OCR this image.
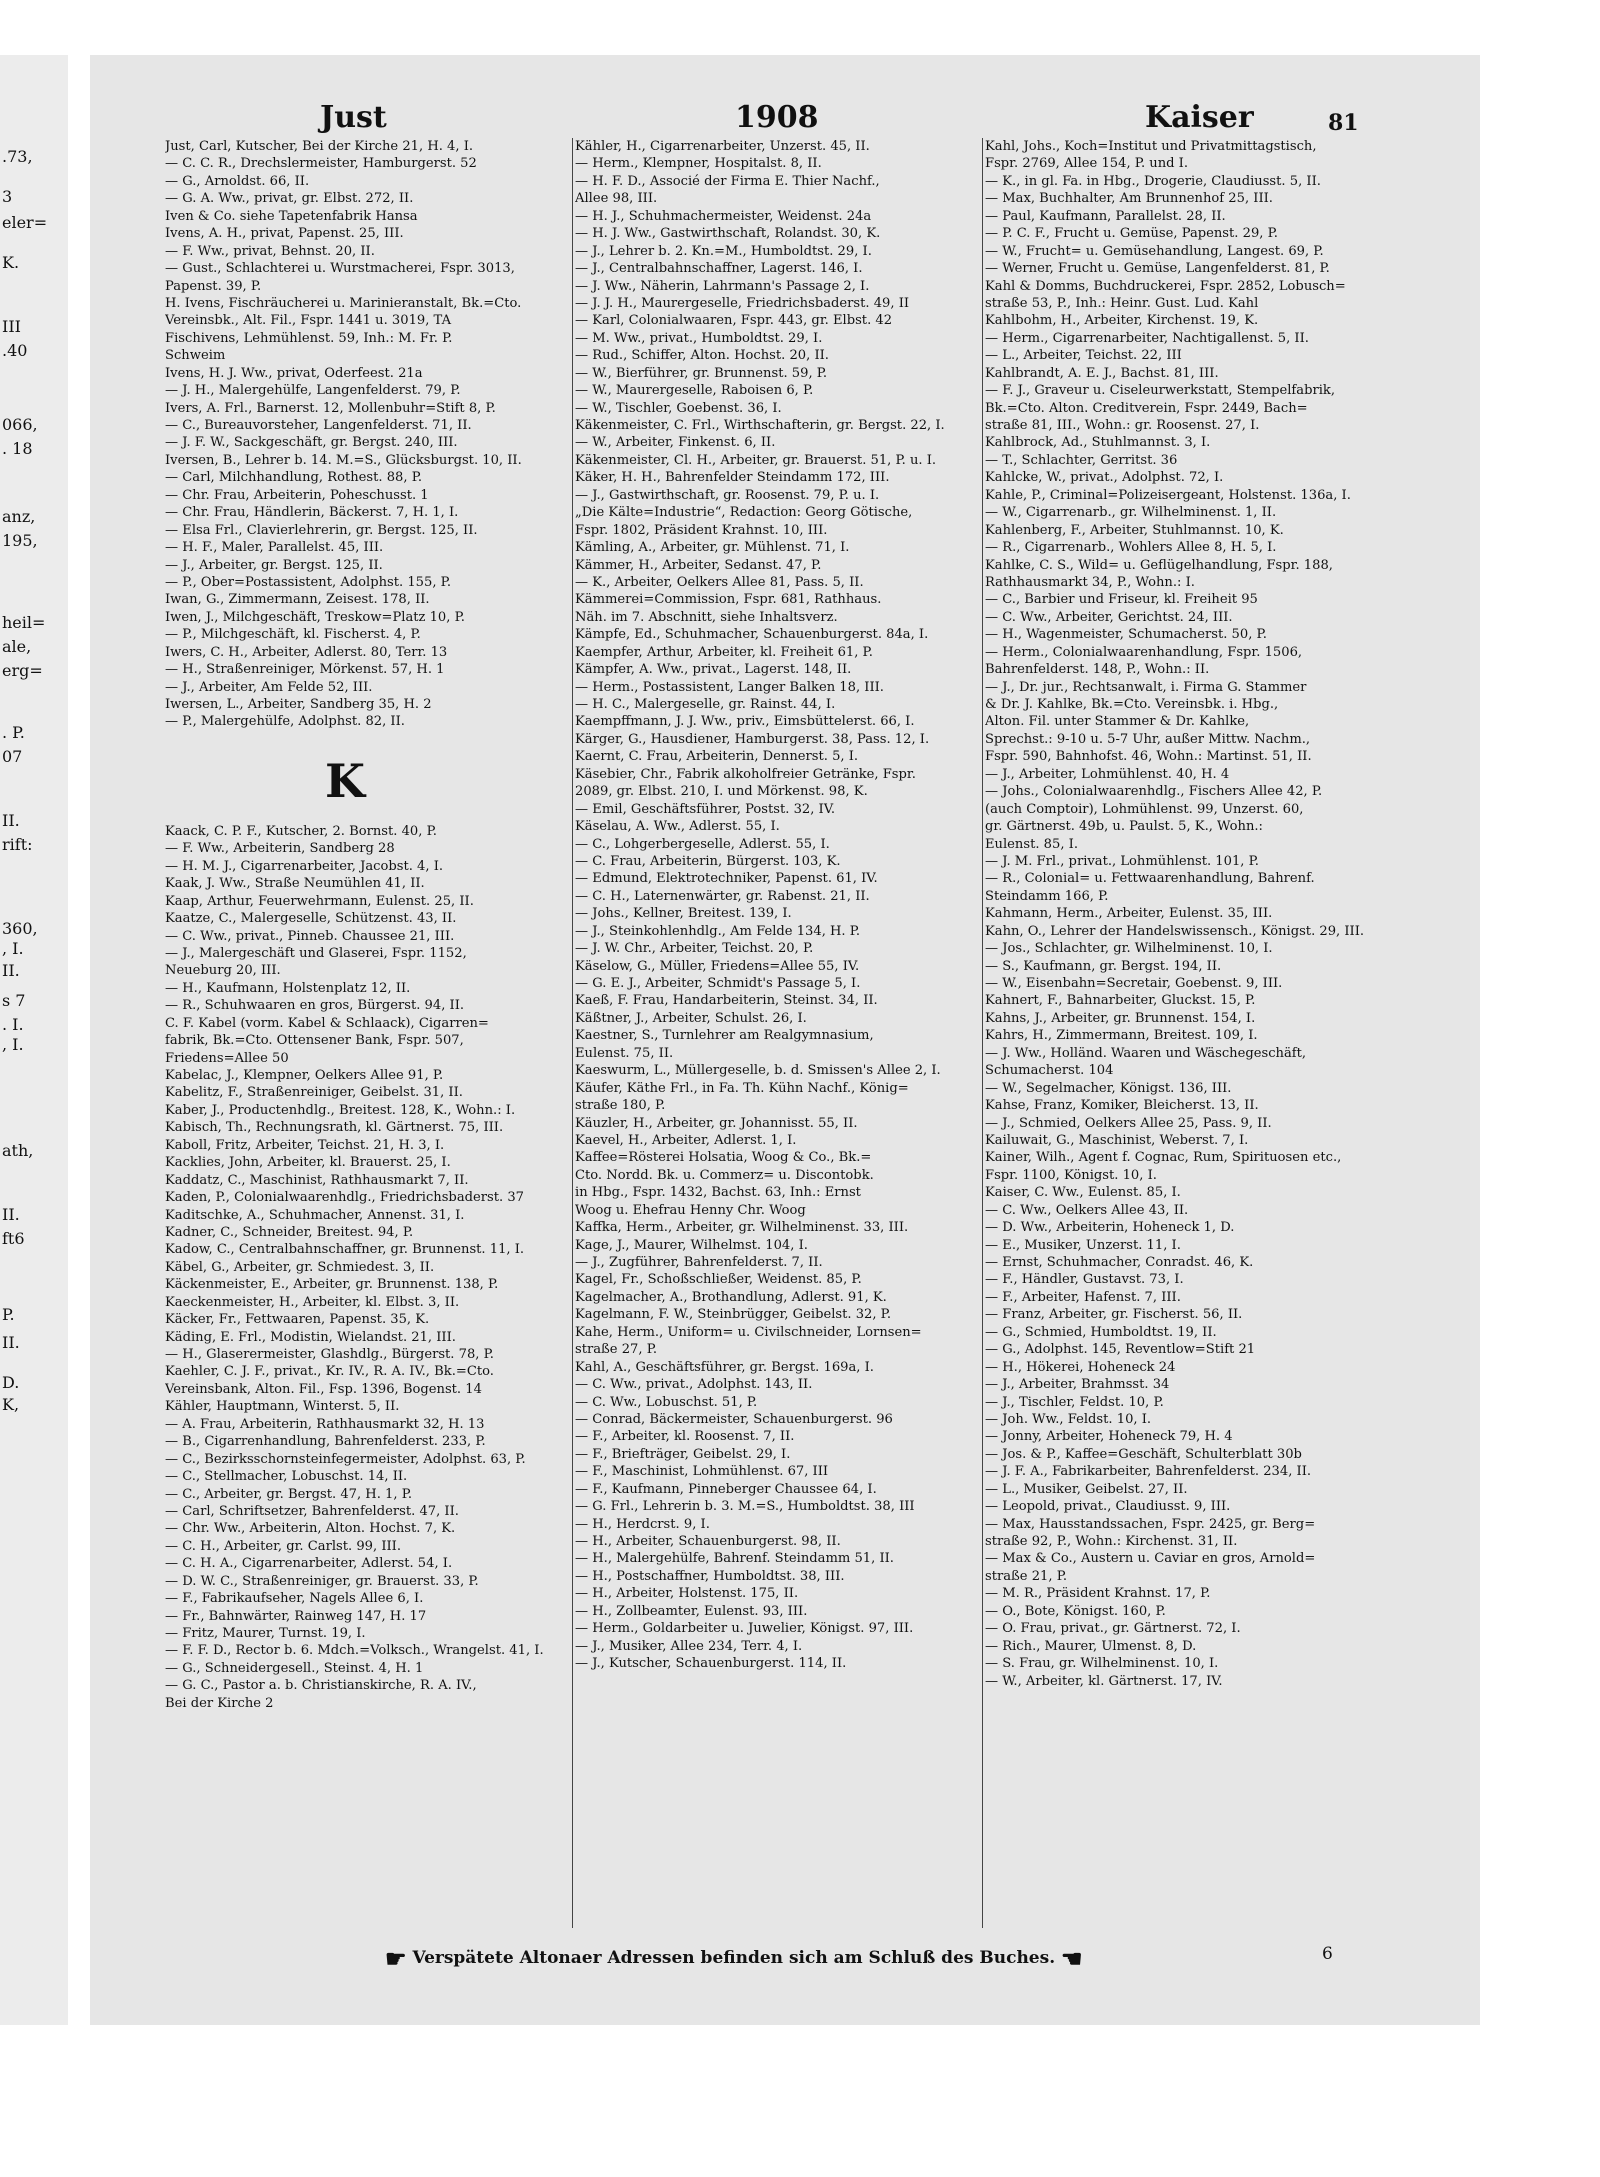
.73,
3
eler=
K.
III
.40
066,
. 18
anz,
195,
heil=
ale,
erg=
. P.
07
II.
rift:
360,
, I.
II.
s 7
. I.
, I.
ath,
II.
ft6
P.
II.
D.
K,
Just	1908	Kaiser	81
Just, Carl, Kutscher, Bei der Kirche 21, H. 4, I.
— C. C. R., Drechslermeister, Hamburgerst. 52
— G., Arnoldst. 66, II.
— G. A. Ww., privat, gr. Elbst. 272, II.
Iven & Co. siehe Tapetenfabrik Hansa
Ivens, A. H., privat, Papenst. 25, III.
— F. Ww., privat, Behnst. 20, II.
— Gust., Schlachterei u. Wurstmacherei, Fspr. 3013,
Papenst. 39, P.
H. Ivens, Fischräucherei u. Marinieranstalt, Bk.=Cto.
Vereinsbk., Alt. Fil., Fspr. 1441 u. 3019, TA
Fischivens, Lehmühlenst. 59, Inh.: M. Fr. P.
Schweim
Ivens, H. J. Ww., privat, Oderfeest. 21a
— J. H., Malergehülfe, Langenfelderst. 79, P.
Ivers, A. Frl., Barnerst. 12, Mollenbuhr=Stift 8, P.
— C., Bureauvorsteher, Langenfelderst. 71, II.
— J. F. W., Sackgeschäft, gr. Bergst. 240, III.
Iversen, B., Lehrer b. 14. M.=S., Glücksburgst. 10, II.
— Carl, Milchhandlung, Rothest. 88, P.
— Chr. Frau, Arbeiterin, Poheschusst. 1
— Chr. Frau, Händlerin, Bäckerst. 7, H. 1, I.
— Elsa Frl., Clavierlehrerin, gr. Bergst. 125, II.
— H. F., Maler, Parallelst. 45, III.
— J., Arbeiter, gr. Bergst. 125, II.
— P., Ober=Postassistent, Adolphst. 155, P.
Iwan, G., Zimmermann, Zeisest. 178, II.
Iwen, J., Milchgeschäft, Treskow=Platz 10, P.
— P., Milchgeschäft, kl. Fischerst. 4, P.
Iwers, C. H., Arbeiter, Adlerst. 80, Terr. 13
— H., Straßenreiniger, Mörkenst. 57, H. 1
— J., Arbeiter, Am Felde 52, III.
Iwersen, L., Arbeiter, Sandberg 35, H. 2
— P., Malergehülfe, Adolphst. 82, II.
K
Kaack, C. P. F., Kutscher, 2. Bornst. 40, P.
— F. Ww., Arbeiterin, Sandberg 28
— H. M. J., Cigarrenarbeiter, Jacobst. 4, I.
Kaak, J. Ww., Straße Neumühlen 41, II.
Kaap, Arthur, Feuerwehrmann, Eulenst. 25, II.
Kaatze, C., Malergeselle, Schützenst. 43, II.
— C. Ww., privat., Pinneb. Chaussee 21, III.
— J., Malergeschäft und Glaserei, Fspr. 1152,
Neueburg 20, III.
— H., Kaufmann, Holstenplatz 12, II.
— R., Schuhwaaren en gros, Bürgerst. 94, II.
C. F. Kabel (vorm. Kabel & Schlaack), Cigarren=
fabrik, Bk.=Cto. Ottensener Bank, Fspr. 507,
Friedens=Allee 50
Kabelac, J., Klempner, Oelkers Allee 91, P.
Kabelitz, F., Straßenreiniger, Geibelst. 31, II.
Kaber, J., Productenhdlg., Breitest. 128, K., Wohn.: I.
Kabisch, Th., Rechnungsrath, kl. Gärtnerst. 75, III.
Kaboll, Fritz, Arbeiter, Teichst. 21, H. 3, I.
Kacklies, John, Arbeiter, kl. Brauerst. 25, I.
Kaddatz, C., Maschinist, Rathhausmarkt 7, II.
Kaden, P., Colonialwaarenhdlg., Friedrichsbaderst. 37
Kaditschke, A., Schuhmacher, Annenst. 31, I.
Kadner, C., Schneider, Breitest. 94, P.
Kadow, C., Centralbahnschaffner, gr. Brunnenst. 11, I.
Käbel, G., Arbeiter, gr. Schmiedest. 3, II.
Käckenmeister, E., Arbeiter, gr. Brunnenst. 138, P.
Kaeckenmeister, H., Arbeiter, kl. Elbst. 3, II.
Käcker, Fr., Fettwaaren, Papenst. 35, K.
Käding, E. Frl., Modistin, Wielandst. 21, III.
— H., Glaserermeister, Glashdlg., Bürgerst. 78, P.
Kaehler, C. J. F., privat., Kr. IV., R. A. IV., Bk.=Cto.
Vereinsbank, Alton. Fil., Fsp. 1396, Bogenst. 14
Kähler, Hauptmann, Winterst. 5, II.
— A. Frau, Arbeiterin, Rathhausmarkt 32, H. 13
— B., Cigarrenhandlung, Bahrenfelderst. 233, P.
— C., Bezirksschornsteinfegermeister, Adolphst. 63, P.
— C., Stellmacher, Lobuschst. 14, II.
— C., Arbeiter, gr. Bergst. 47, H. 1, P.
— Carl, Schriftsetzer, Bahrenfelderst. 47, II.
— Chr. Ww., Arbeiterin, Alton. Hochst. 7, K.
— C. H., Arbeiter, gr. Carlst. 99, III.
— C. H. A., Cigarrenarbeiter, Adlerst. 54, I.
— D. W. C., Straßenreiniger, gr. Brauerst. 33, P.
— F., Fabrikaufseher, Nagels Allee 6, I.
— Fr., Bahnwärter, Rainweg 147, H. 17
— Fritz, Maurer, Turnst. 19, I.
— F. F. D., Rector b. 6. Mdch.=Volksch., Wrangelst. 41, I.
— G., Schneidergesell., Steinst. 4, H. 1
— G. C., Pastor a. b. Christianskirche, R. A. IV.,
Bei der Kirche 2
Kähler, H., Cigarrenarbeiter, Unzerst. 45, II.
— Herm., Klempner, Hospitalst. 8, II.
— H. F. D., Associé der Firma E. Thier Nachf.,
Allee 98, III.
— H. J., Schuhmachermeister, Weidenst. 24a
— H. J. Ww., Gastwirthschaft, Rolandst. 30, K.
— J., Lehrer b. 2. Kn.=M., Humboldtst. 29, I.
— J., Centralbahnschaffner, Lagerst. 146, I.
— J. Ww., Näherin, Lahrmann's Passage 2, I.
— J. J. H., Maurergeselle, Friedrichsbaderst. 49, II
— Karl, Colonialwaaren, Fspr. 443, gr. Elbst. 42
— M. Ww., privat., Humboldtst. 29, I.
— Rud., Schiffer, Alton. Hochst. 20, II.
— W., Bierführer, gr. Brunnenst. 59, P.
— W., Maurergeselle, Raboisen 6, P.
— W., Tischler, Goebenst. 36, I.
Käkenmeister, C. Frl., Wirthschafterin, gr. Bergst. 22, I.
— W., Arbeiter, Finkenst. 6, II.
Käkenmeister, Cl. H., Arbeiter, gr. Brauerst. 51, P. u. I.
Käker, H. H., Bahrenfelder Steindamm 172, III.
— J., Gastwirthschaft, gr. Roosenst. 79, P. u. I.
„Die Kälte=Industrie“, Redaction: Georg Götische,
Fspr. 1802, Präsident Krahnst. 10, III.
Kämling, A., Arbeiter, gr. Mühlenst. 71, I.
Kämmer, H., Arbeiter, Sedanst. 47, P.
— K., Arbeiter, Oelkers Allee 81, Pass. 5, II.
Kämmerei=Commission, Fspr. 681, Rathhaus.
Näh. im 7. Abschnitt, siehe Inhaltsverz.
Kämpfe, Ed., Schuhmacher, Schauenburgerst. 84a, I.
Kaempfer, Arthur, Arbeiter, kl. Freiheit 61, P.
Kämpfer, A. Ww., privat., Lagerst. 148, II.
— Herm., Postassistent, Langer Balken 18, III.
— H. C., Malergeselle, gr. Rainst. 44, I.
Kaempffmann, J. J. Ww., priv., Eimsbüttelerst. 66, I.
Kärger, G., Hausdiener, Hamburgerst. 38, Pass. 12, I.
Kaernt, C. Frau, Arbeiterin, Dennerst. 5, I.
Käsebier, Chr., Fabrik alkoholfreier Getränke, Fspr.
2089, gr. Elbst. 210, I. und Mörkenst. 98, K.
— Emil, Geschäftsführer, Postst. 32, IV.
Käselau, A. Ww., Adlerst. 55, I.
— C., Lohgerbergeselle, Adlerst. 55, I.
— C. Frau, Arbeiterin, Bürgerst. 103, K.
— Edmund, Elektrotechniker, Papenst. 61, IV.
— C. H., Laternenwärter, gr. Rabenst. 21, II.
— Johs., Kellner, Breitest. 139, I.
— J., Steinkohlenhdlg., Am Felde 134, H. P.
— J. W. Chr., Arbeiter, Teichst. 20, P.
Käselow, G., Müller, Friedens=Allee 55, IV.
— G. E. J., Arbeiter, Schmidt's Passage 5, I.
Kaeß, F. Frau, Handarbeiterin, Steinst. 34, II.
Käßtner, J., Arbeiter, Schulst. 26, I.
Kaestner, S., Turnlehrer am Realgymnasium,
Eulenst. 75, II.
Kaeswurm, L., Müllergeselle, b. d. Smissen's Allee 2, I.
Käufer, Käthe Frl., in Fa. Th. Kühn Nachf., König=
straße 180, P.
Käuzler, H., Arbeiter, gr. Johannisst. 55, II.
Kaevel, H., Arbeiter, Adlerst. 1, I.
Kaffee=Rösterei Holsatia, Woog & Co., Bk.=
Cto. Nordd. Bk. u. Commerz= u. Discontobk.
in Hbg., Fspr. 1432, Bachst. 63, Inh.: Ernst
Woog u. Ehefrau Henny Chr. Woog
Kaffka, Herm., Arbeiter, gr. Wilhelminenst. 33, III.
Kage, J., Maurer, Wilhelmst. 104, I.
— J., Zugführer, Bahrenfelderst. 7, II.
Kagel, Fr., Schoßschließer, Weidenst. 85, P.
Kagelmacher, A., Brothandlung, Adlerst. 91, K.
Kagelmann, F. W., Steinbrügger, Geibelst. 32, P.
Kahe, Herm., Uniform= u. Civilschneider, Lornsen=
straße 27, P.
Kahl, A., Geschäftsführer, gr. Bergst. 169a, I.
— C. Ww., privat., Adolphst. 143, II.
— C. Ww., Lobuschst. 51, P.
— Conrad, Bäckermeister, Schauenburgerst. 96
— F., Arbeiter, kl. Roosenst. 7, II.
— F., Briefträger, Geibelst. 29, I.
— F., Maschinist, Lohmühlenst. 67, III
— F., Kaufmann, Pinneberger Chaussee 64, I.
— G. Frl., Lehrerin b. 3. M.=S., Humboldtst. 38, III
— H., Herdcrst. 9, I.
— H., Arbeiter, Schauenburgerst. 98, II.
— H., Malergehülfe, Bahrenf. Steindamm 51, II.
— H., Postschaffner, Humboldtst. 38, III.
— H., Arbeiter, Holstenst. 175, II.
— H., Zollbeamter, Eulenst. 93, III.
— Herm., Goldarbeiter u. Juwelier, Königst. 97, III.
— J., Musiker, Allee 234, Terr. 4, I.
— J., Kutscher, Schauenburgerst. 114, II.
Kahl, Johs., Koch=Institut und Privatmittagstisch,
Fspr. 2769, Allee 154, P. und I.
— K., in gl. Fa. in Hbg., Drogerie, Claudiusst. 5, II.
— Max, Buchhalter, Am Brunnenhof 25, III.
— Paul, Kaufmann, Parallelst. 28, II.
— P. C. F., Frucht u. Gemüse, Papenst. 29, P.
— W., Frucht= u. Gemüsehandlung, Langest. 69, P.
— Werner, Frucht u. Gemüse, Langenfelderst. 81, P.
Kahl & Domms, Buchdruckerei, Fspr. 2852, Lobusch=
straße 53, P., Inh.: Heinr. Gust. Lud. Kahl
Kahlbohm, H., Arbeiter, Kirchenst. 19, K.
— Herm., Cigarrenarbeiter, Nachtigallenst. 5, II.
— L., Arbeiter, Teichst. 22, III
Kahlbrandt, A. E. J., Bachst. 81, III.
— F. J., Graveur u. Ciseleurwerkstatt, Stempelfabrik,
Bk.=Cto. Alton. Creditverein, Fspr. 2449, Bach=
straße 81, III., Wohn.: gr. Roosenst. 27, I.
Kahlbrock, Ad., Stuhlmannst. 3, I.
— T., Schlachter, Gerritst. 36
Kahlcke, W., privat., Adolphst. 72, I.
Kahle, P., Criminal=Polizeisergeant, Holstenst. 136a, I.
— W., Cigarrenarb., gr. Wilhelminenst. 1, II.
Kahlenberg, F., Arbeiter, Stuhlmannst. 10, K.
— R., Cigarrenarb., Wohlers Allee 8, H. 5, I.
Kahlke, C. S., Wild= u. Geflügelhandlung, Fspr. 188,
Rathhausmarkt 34, P., Wohn.: I.
— C., Barbier und Friseur, kl. Freiheit 95
— C. Ww., Arbeiter, Gerichtst. 24, III.
— H., Wagenmeister, Schumacherst. 50, P.
— Herm., Colonialwaarenhandlung, Fspr. 1506,
Bahrenfelderst. 148, P., Wohn.: II.
— J., Dr. jur., Rechtsanwalt, i. Firma G. Stammer
& Dr. J. Kahlke, Bk.=Cto. Vereinsbk. i. Hbg.,
Alton. Fil. unter Stammer & Dr. Kahlke,
Sprechst.: 9-10 u. 5-7 Uhr, außer Mittw. Nachm.,
Fspr. 590, Bahnhofst. 46, Wohn.: Martinst. 51, II.
— J., Arbeiter, Lohmühlenst. 40, H. 4
— Johs., Colonialwaarenhdlg., Fischers Allee 42, P.
(auch Comptoir), Lohmühlenst. 99, Unzerst. 60,
gr. Gärtnerst. 49b, u. Paulst. 5, K., Wohn.:
Eulenst. 85, I.
— J. M. Frl., privat., Lohmühlenst. 101, P.
— R., Colonial= u. Fettwaarenhandlung, Bahrenf.
Steindamm 166, P.
Kahmann, Herm., Arbeiter, Eulenst. 35, III.
Kahn, O., Lehrer der Handelswissensch., Königst. 29, III.
— Jos., Schlachter, gr. Wilhelminenst. 10, I.
— S., Kaufmann, gr. Bergst. 194, II.
— W., Eisenbahn=Secretair, Goebenst. 9, III.
Kahnert, F., Bahnarbeiter, Gluckst. 15, P.
Kahns, J., Arbeiter, gr. Brunnenst. 154, I.
Kahrs, H., Zimmermann, Breitest. 109, I.
— J. Ww., Holländ. Waaren und Wäschegeschäft,
Schumacherst. 104
— W., Segelmacher, Königst. 136, III.
Kahse, Franz, Komiker, Bleicherst. 13, II.
— J., Schmied, Oelkers Allee 25, Pass. 9, II.
Kailuwait, G., Maschinist, Weberst. 7, I.
Kainer, Wilh., Agent f. Cognac, Rum, Spirituosen etc.,
Fspr. 1100, Königst. 10, I.
Kaiser, C. Ww., Eulenst. 85, I.
— C. Ww., Oelkers Allee 43, II.
— D. Ww., Arbeiterin, Hoheneck 1, D.
— E., Musiker, Unzerst. 11, I.
— Ernst, Schuhmacher, Conradst. 46, K.
— F., Händler, Gustavst. 73, I.
— F., Arbeiter, Hafenst. 7, III.
— Franz, Arbeiter, gr. Fischerst. 56, II.
— G., Schmied, Humboldtst. 19, II.
— G., Adolphst. 145, Reventlow=Stift 21
— H., Hökerei, Hoheneck 24
— J., Arbeiter, Brahmsst. 34
— J., Tischler, Feldst. 10, P.
— Joh. Ww., Feldst. 10, I.
— Jonny, Arbeiter, Hoheneck 79, H. 4
— Jos. & P., Kaffee=Geschäft, Schulterblatt 30b
— J. F. A., Fabrikarbeiter, Bahrenfelderst. 234, II.
— L., Musiker, Geibelst. 27, II.
— Leopold, privat., Claudiusst. 9, III.
— Max, Hausstandssachen, Fspr. 2425, gr. Berg=
straße 92, P., Wohn.: Kirchenst. 31, II.
— Max & Co., Austern u. Caviar en gros, Arnold=
straße 21, P.
— M. R., Präsident Krahnst. 17, P.
— O., Bote, Königst. 160, P.
— O. Frau, privat., gr. Gärtnerst. 72, I.
— Rich., Maurer, Ulmenst. 8, D.
— S. Frau, gr. Wilhelminenst. 10, I.
— W., Arbeiter, kl. Gärtnerst. 17, IV.
☛ Verspätete Altonaer Adressen befinden sich am Schluß des Buches. ☚	6
